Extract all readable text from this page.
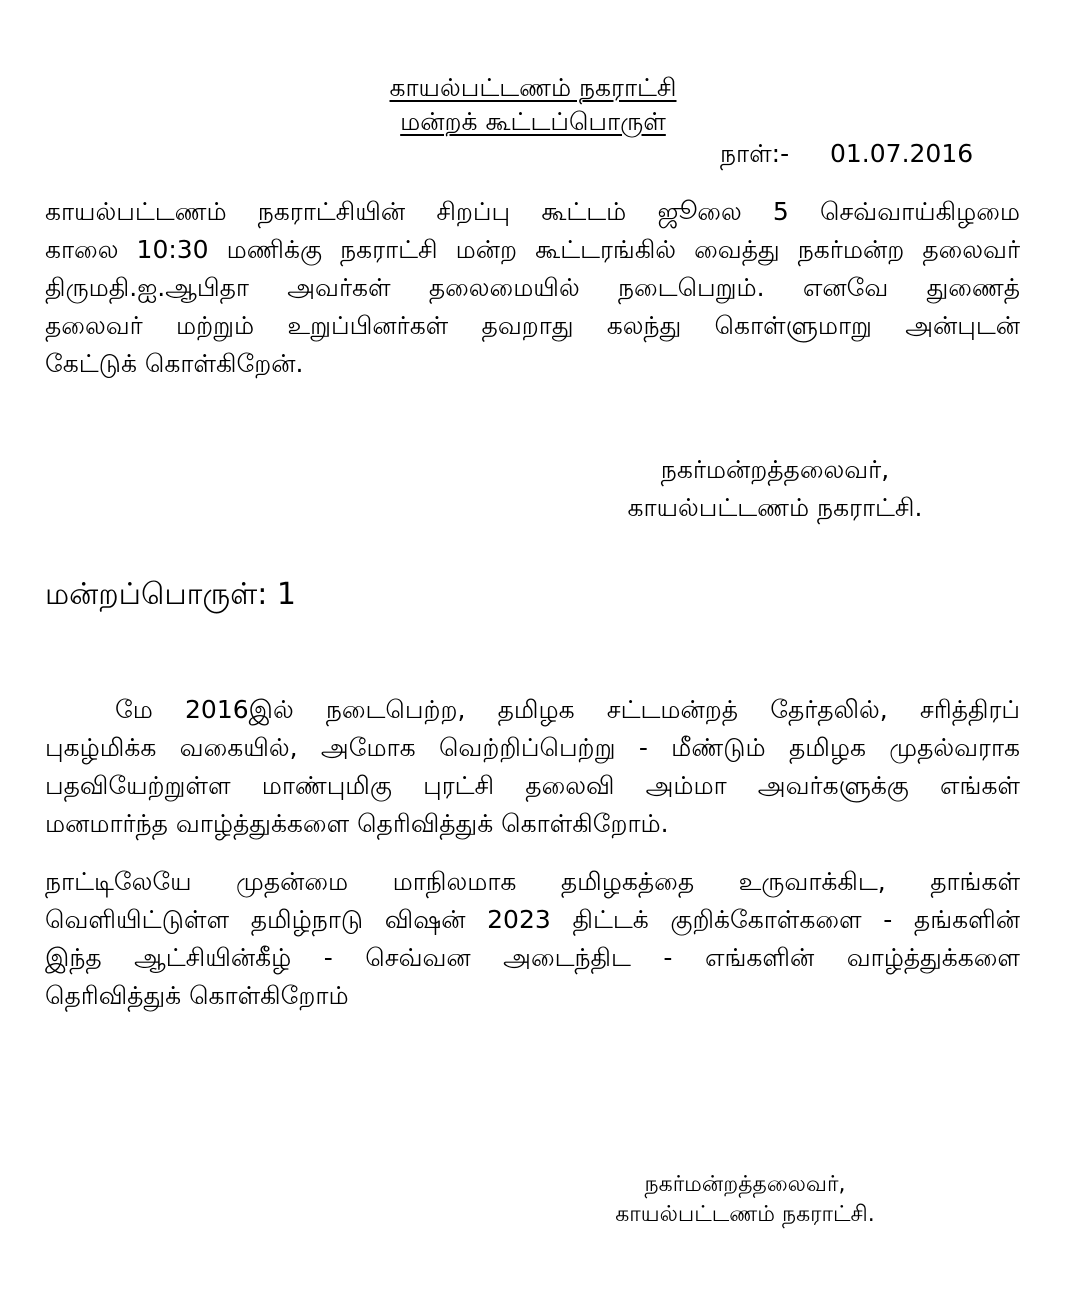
காயல்பட்டணம் நகராட்சி
மன்றக் கூட்டப்பொருள்
நாள்:-	01.07.2016
காயல்பட்டணம் நகராட்சியின் சிறப்பு கூட்டம் ஜூலை 5 செவ்வாய்கிழமை
காலை 10:30 மணிக்கு நகராட்சி மன்ற கூட்டரங்கில் வைத்து நகர்மன்ற தலைவர்
திருமதி.ஐ.ஆபிதா அவர்கள் தலைமையில் நடைபெறும். எனவே துணைத்
தலைவர் மற்றும் உறுப்பினர்கள் தவறாது கலந்து கொள்ளுமாறு அன்புடன்
கேட்டுக் கொள்கிறேன்.
நகர்மன்றத்தலைவர்,
காயல்பட்டணம் நகராட்சி.
மன்றப்பொருள்: 1
மே 2016இல் நடைபெற்ற, தமிழக சட்டமன்றத் தேர்தலில், சரித்திரப்
புகழ்மிக்க வகையில், அமோக வெற்றிப்பெற்று - மீண்டும் தமிழக முதல்வராக
பதவியேற்றுள்ள மாண்புமிகு புரட்சி தலைவி அம்மா அவர்களுக்கு எங்கள்
மனமார்ந்த வாழ்த்துக்களை தெரிவித்துக் கொள்கிறோம்.
நாட்டிலேயே முதன்மை மாநிலமாக தமிழகத்தை உருவாக்கிட, தாங்கள்
வெளியிட்டுள்ள தமிழ்நாடு விஷன் 2023 திட்டக் குறிக்கோள்களை - தங்களின்
இந்த ஆட்சியின்கீழ் - செவ்வன அடைந்திட - எங்களின் வாழ்த்துக்களை
தெரிவித்துக் கொள்கிறோம்
நகர்மன்றத்தலைவர்,
காயல்பட்டணம் நகராட்சி.
